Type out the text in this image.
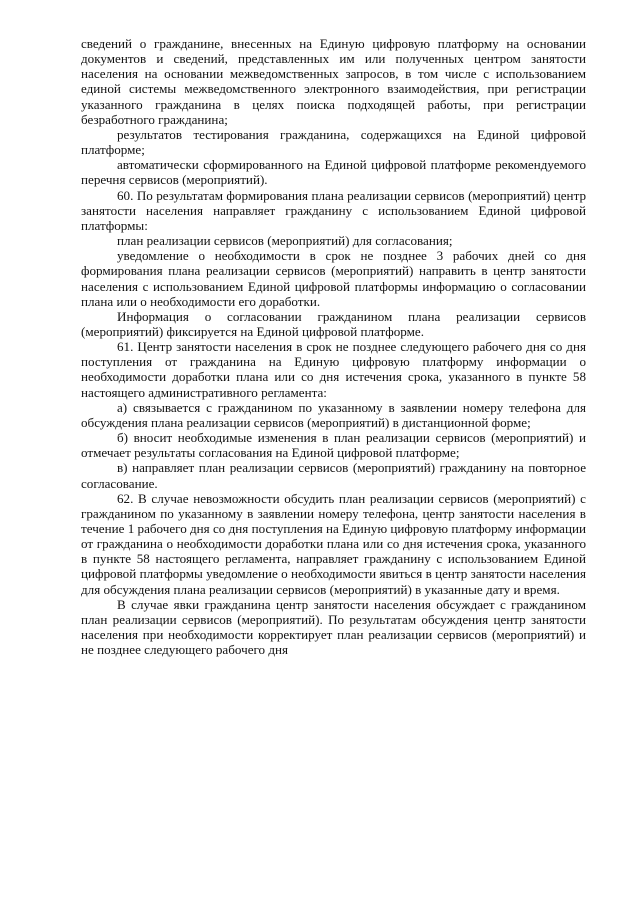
сведений о гражданине, внесенных на Единую цифровую платформу на основании документов и сведений, представленных им или полученных центром занятости населения на основании межведомственных запросов, в том числе с использованием единой системы межведомственного электронного взаимодействия, при регистрации указанного гражданина в целях поиска подходящей работы, при регистрации безработного гражданина;

результатов тестирования гражданина, содержащихся на Единой цифровой платформе;

автоматически сформированного на Единой цифровой платформе рекомендуемого перечня сервисов (мероприятий).

60. По результатам формирования плана реализации сервисов (мероприятий) центр занятости населения направляет гражданину с использованием Единой цифровой платформы:

план реализации сервисов (мероприятий) для согласования;

уведомление о необходимости в срок не позднее 3 рабочих дней со дня формирования плана реализации сервисов (мероприятий) направить в центр занятости населения с использованием Единой цифровой платформы информацию о согласовании плана или о необходимости его доработки.

Информация о согласовании гражданином плана реализации сервисов (мероприятий) фиксируется на Единой цифровой платформе.

61. Центр занятости населения в срок не позднее следующего рабочего дня со дня поступления от гражданина на Единую цифровую платформу информации о необходимости доработки плана или со дня истечения срока, указанного в пункте 58 настоящего административного регламента:

а) связывается с гражданином по указанному в заявлении номеру телефона для обсуждения плана реализации сервисов (мероприятий) в дистанционной форме;

б) вносит необходимые изменения в план реализации сервисов (мероприятий) и отмечает результаты согласования на Единой цифровой платформе;

в) направляет план реализации сервисов (мероприятий) гражданину на повторное согласование.

62. В случае невозможности обсудить план реализации сервисов (мероприятий) с гражданином по указанному в заявлении номеру телефона, центр занятости населения в течение 1 рабочего дня со дня поступления на Единую цифровую платформу информации от гражданина о необходимости доработки плана или со дня истечения срока, указанного в пункте 58 настоящего регламента, направляет гражданину с использованием Единой цифровой платформы уведомление о необходимости явиться в центр занятости населения для обсуждения плана реализации сервисов (мероприятий) в указанные дату и время.

В случае явки гражданина центр занятости населения обсуждает с гражданином план реализации сервисов (мероприятий). По результатам обсуждения центр занятости населения при необходимости корректирует план реализации сервисов (мероприятий) и не позднее следующего рабочего дня
